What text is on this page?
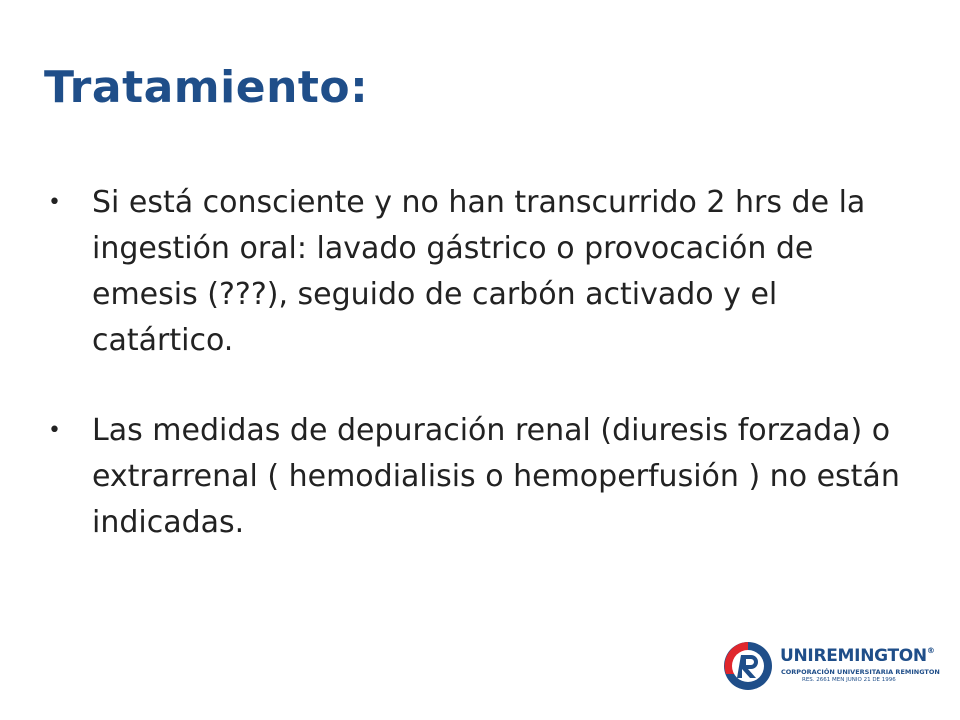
Tratamiento:
• Si está consciente y no han transcurrido 2 hrs de la ingestión oral: lavado gástrico o provocación de emesis (???), seguido de carbón activado y el catártico.
• Las medidas de depuración renal (diuresis forzada) o extrarrenal ( hemodialisis o hemoperfusión ) no están indicadas.
UNIREMINGTON®
CORPORACIÓN UNIVERSITARIA REMINGTON
RES. 2661 MEN JUNIO 21 DE 1996
